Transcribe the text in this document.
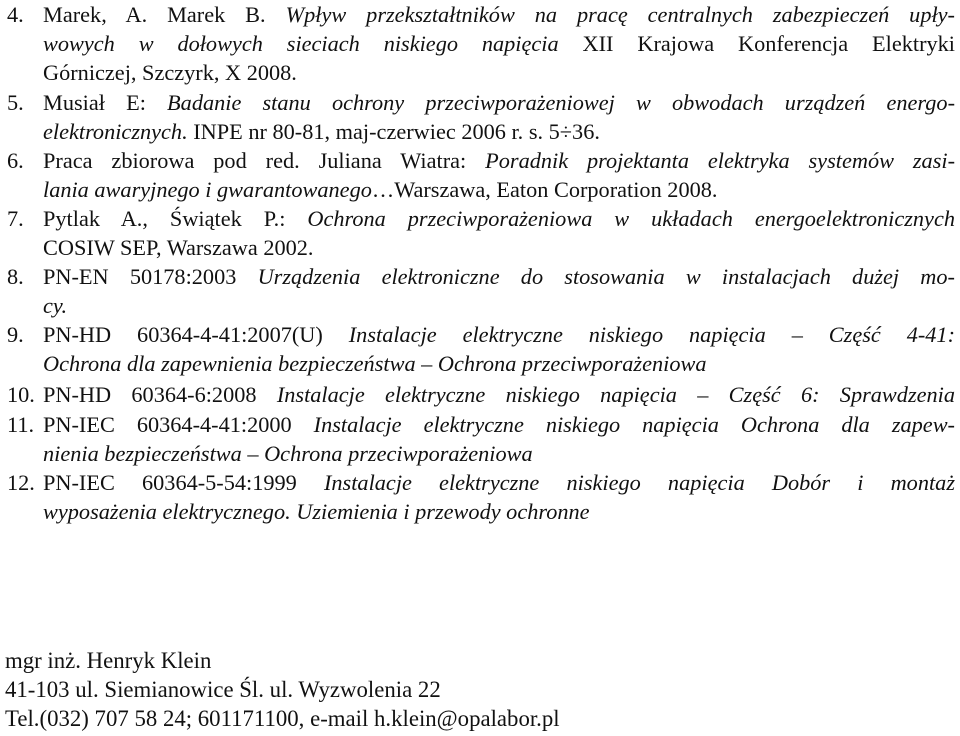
4. Marek, A. Marek B. Wpływ przekształtników na pracę centralnych zabezpieczeń upły-
wowych w dołowych sieciach niskiego napięcia XII Krajowa Konferencja Elektryki
Górniczej, Szczyrk, X 2008.
5. Musiał E: Badanie stanu ochrony przeciwporażeniowej w obwodach urządzeń energo-
elektronicznych. INPE nr 80-81, maj-czerwiec 2006 r. s. 5÷36.
6. Praca zbiorowa pod red. Juliana Wiatra: Poradnik projektanta elektryka systemów zasi-
lania awaryjnego i gwarantowanego…Warszawa, Eaton Corporation 2008.
7. Pytlak A., Świątek P.: Ochrona przeciwporażeniowa w układach energoelektronicznych
COSIW SEP, Warszawa 2002.
8. PN-EN 50178:2003 Urządzenia elektroniczne do stosowania w instalacjach dużej mo-
cy.
9. PN-HD 60364-4-41:2007(U) Instalacje elektryczne niskiego napięcia – Część 4-41:
Ochrona dla zapewnienia bezpieczeństwa – Ochrona przeciwporażeniowa
10. PN-HD 60364-6:2008 Instalacje elektryczne niskiego napięcia – Część 6: Sprawdzenia
11. PN-IEC 60364-4-41:2000 Instalacje elektryczne niskiego napięcia Ochrona dla zapew-
nienia bezpieczeństwa – Ochrona przeciwporażeniowa
12. PN-IEC 60364-5-54:1999 Instalacje elektryczne niskiego napięcia Dobór i montaż
wyposażenia elektrycznego. Uziemienia i przewody ochronne
mgr inż. Henryk Klein
41-103 ul. Siemianowice Śl. ul. Wyzwolenia 22
Tel.(032) 707 58 24; 601171100, e-mail h.klein@opalabor.pl
